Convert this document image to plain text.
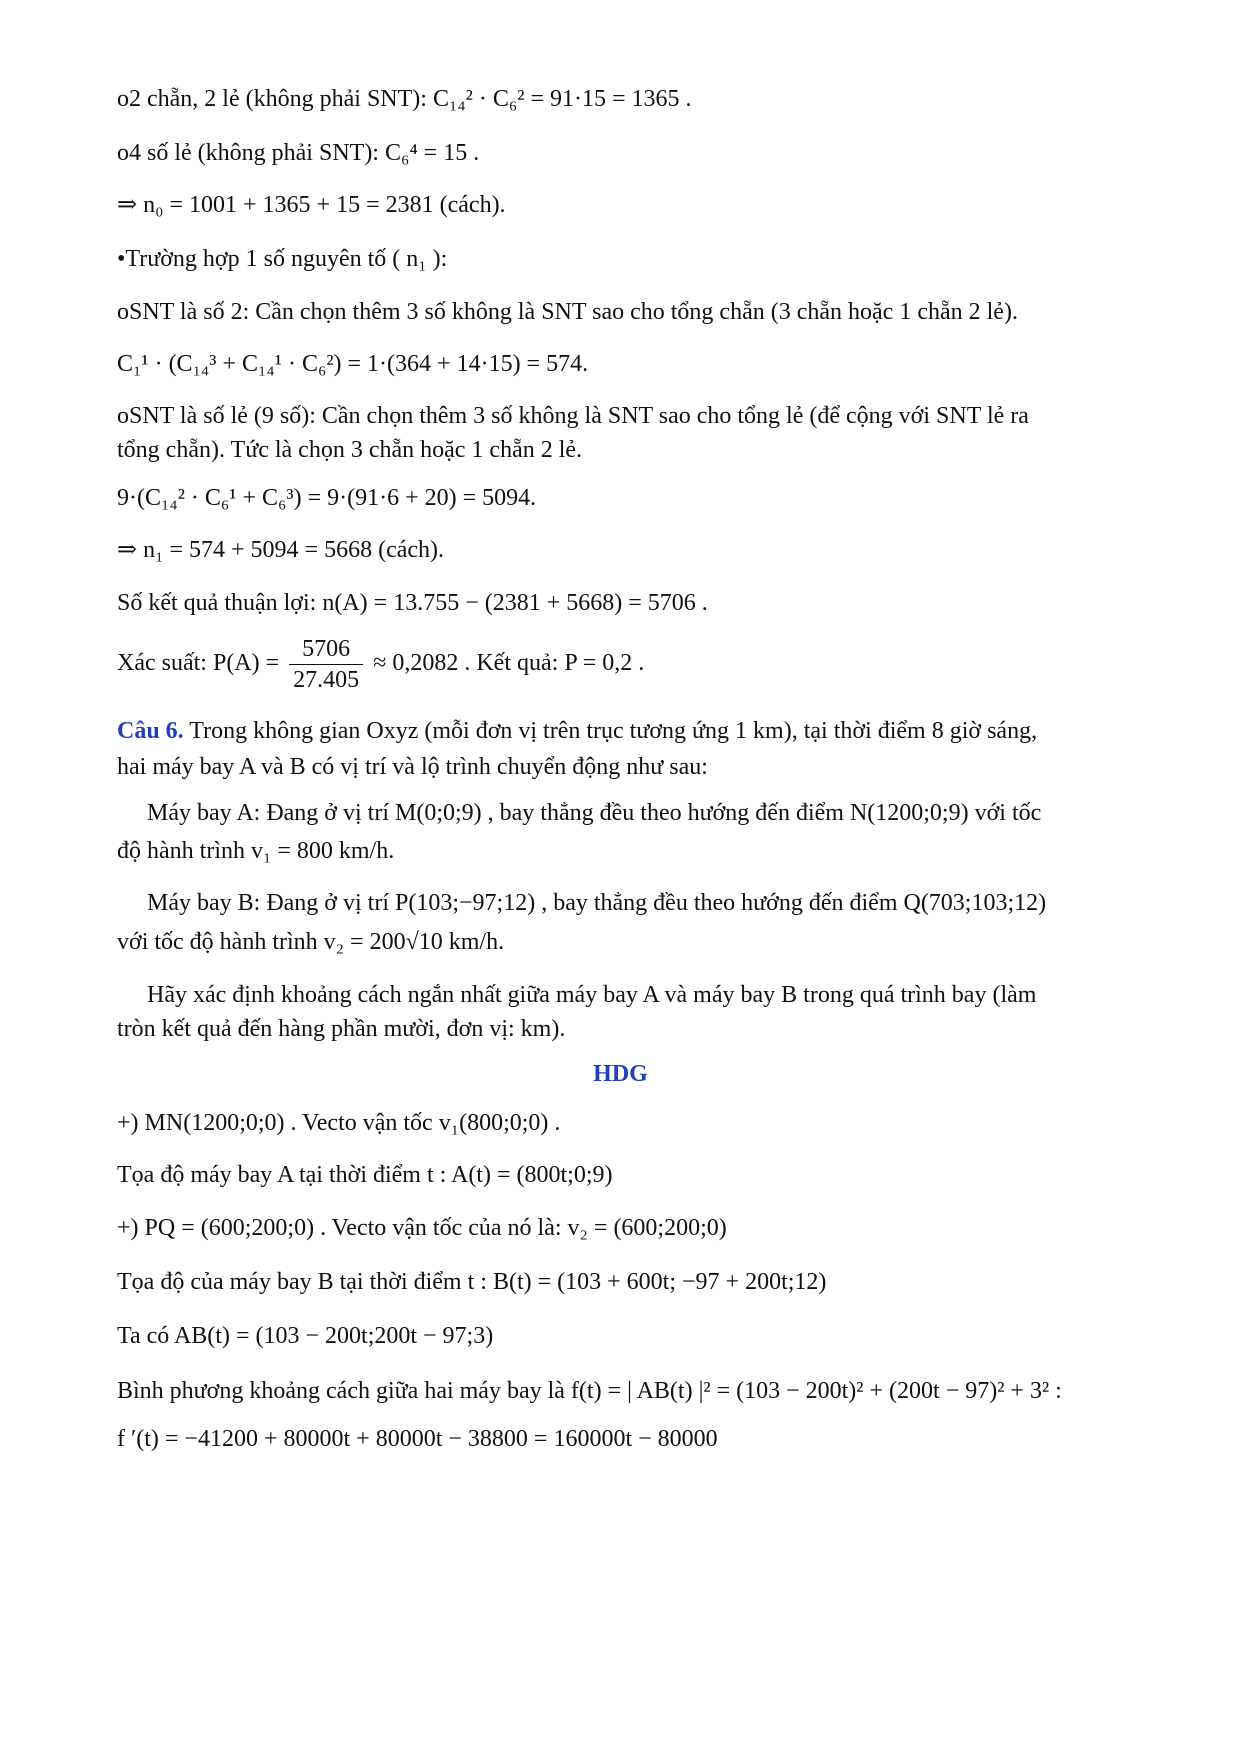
o2 chẵn, 2 lẻ (không phải SNT): C₁₄² · C₆² = 91·15 = 1365 .
o4 số lẻ (không phải SNT): C₆⁴ = 15 .
⇒ n₀ = 1001 + 1365 + 15 = 2381 (cách).
•Trường hợp 1 số nguyên tố ( n₁ ):
oSNT là số 2: Cần chọn thêm 3 số không là SNT sao cho tổng chẵn (3 chẵn hoặc 1 chẵn 2 lẻ).
C₁¹ · (C₁₄³ + C₁₄¹ · C₆²) = 1·(364 + 14·15) = 574.
oSNT là số lẻ (9 số): Cần chọn thêm 3 số không là SNT sao cho tổng lẻ (để cộng với SNT lẻ ra
tổng chẵn). Tức là chọn 3 chẵn hoặc 1 chẵn 2 lẻ.
9·(C₁₄² · C₆¹ + C₆³) = 9·(91·6 + 20) = 5094.
⇒ n₁ = 574 + 5094 = 5668 (cách).
Số kết quả thuận lợi: n(A) = 13.755 − (2381 + 5668) = 5706 .
Xác suất: $P(A) = \frac{5706}{27.405} \approx 0,2082$ . Kết quả: P = 0,2 .
Câu 6. Trong không gian Oxyz (mỗi đơn vị trên trục tương ứng 1 km), tại thời điểm 8 giờ sáng,
hai máy bay A và B có vị trí và lộ trình chuyển động như sau:
Máy bay A: Đang ở vị trí M(0;0;9) , bay thẳng đều theo hướng đến điểm N(1200;0;9) với tốc
độ hành trình v₁ = 800 km/h.
Máy bay B: Đang ở vị trí P(103;−97;12) , bay thẳng đều theo hướng đến điểm Q(703;103;12)
với tốc độ hành trình v₂ = 200√10 km/h.
Hãy xác định khoảng cách ngắn nhất giữa máy bay A và máy bay B trong quá trình bay (làm
tròn kết quả đến hàng phần mười, đơn vị: km).
HDG
+) MN(1200;0;0) . Vecto vận tốc v₁(800;0;0) .
Tọa độ máy bay A tại thời điểm t : A(t) = (800t;0;9)
+) PQ = (600;200;0) . Vecto vận tốc của nó là: v₂ = (600;200;0)
Tọa độ của máy bay B tại thời điểm t : B(t) = (103 + 600t; −97 + 200t;12)
Ta có AB(t) = (103 − 200t;200t − 97;3)
Bình phương khoảng cách giữa hai máy bay là f(t) = | AB(t) |² = (103 − 200t)² + (200t − 97)² + 3² :
f ′(t) = −41200 + 80000t + 80000t − 38800 = 160000t − 80000
